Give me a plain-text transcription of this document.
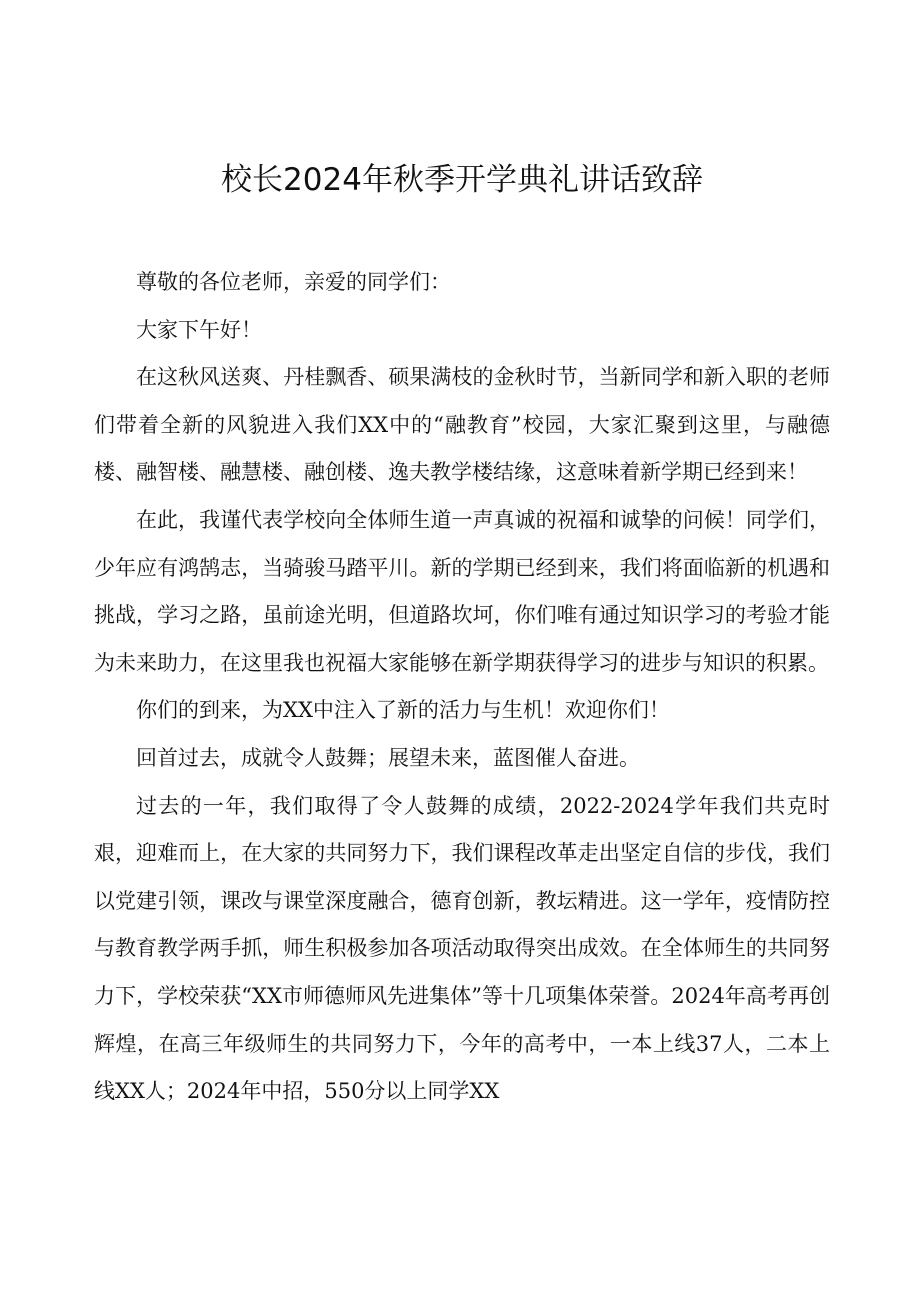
校长2024年秋季开学典礼讲话致辞

尊敬的各位老师，亲爱的同学们：

大家下午好！

在这秋风送爽、丹桂飘香、硕果满枝的金秋时节，当新同学和新入职的老师们带着全新的风貌进入我们XX中的“融教育”校园，大家汇聚到这里，与融德楼、融智楼、融慧楼、融创楼、逸夫教学楼结缘，这意味着新学期已经到来！

在此，我谨代表学校向全体师生道一声真诚的祝福和诚挚的问候！同学们，少年应有鸿鹄志，当骑骏马踏平川。新的学期已经到来，我们将面临新的机遇和挑战，学习之路，虽前途光明，但道路坎坷，你们唯有通过知识学习的考验才能为未来助力，在这里我也祝福大家能够在新学期获得学习的进步与知识的积累。

你们的到来，为XX中注入了新的活力与生机！欢迎你们！

回首过去，成就令人鼓舞；展望未来，蓝图催人奋进。

过去的一年，我们取得了令人鼓舞的成绩，2022-2024学年我们共克时艰，迎难而上，在大家的共同努力下，我们课程改革走出坚定自信的步伐，我们以党建引领，课改与课堂深度融合，德育创新，教坛精进。这一学年，疫情防控与教育教学两手抓，师生积极参加各项活动取得突出成效。在全体师生的共同努力下，学校荣获“XX市师德师风先进集体”等十几项集体荣誉。2024年高考再创辉煌，在高三年级师生的共同努力下，今年的高考中，一本上线37人，二本上线XX人；2024年中招，550分以上同学XX
